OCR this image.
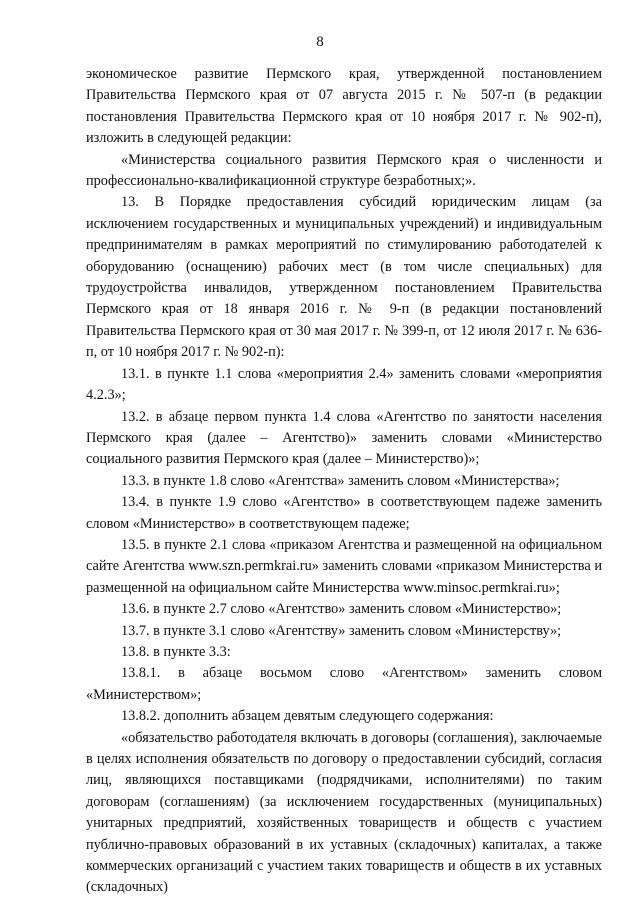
8

экономическое развитие Пермского края, утвержденной постановлением Правительства Пермского края от 07 августа 2015 г. № 507-п (в редакции постановления Правительства Пермского края от 10 ноября 2017 г. № 902-п), изложить в следующей редакции:

«Министерства социального развития Пермского края о численности и профессионально-квалификационной структуре безработных;».

13. В Порядке предоставления субсидий юридическим лицам (за исключением государственных и муниципальных учреждений) и индивидуальным предпринимателям в рамках мероприятий по стимулированию работодателей к оборудованию (оснащению) рабочих мест (в том числе специальных) для трудоустройства инвалидов, утвержденном постановлением Правительства Пермского края от 18 января 2016 г. № 9-п (в редакции постановлений Правительства Пермского края от 30 мая 2017 г. № 399-п, от 12 июля 2017 г. № 636-п, от 10 ноября 2017 г. № 902-п):

13.1. в пункте 1.1 слова «мероприятия 2.4» заменить словами «мероприятия 4.2.3»;

13.2. в абзаце первом пункта 1.4 слова «Агентство по занятости населения Пермского края (далее – Агентство)» заменить словами «Министерство социального развития Пермского края (далее – Министерство)»;

13.3. в пункте 1.8 слово «Агентства» заменить словом «Министерства»;

13.4. в пункте 1.9 слово «Агентство» в соответствующем падеже заменить словом «Министерство» в соответствующем падеже;

13.5. в пункте 2.1 слова «приказом Агентства и размещенной на официальном сайте Агентства www.szn.permkrai.ru» заменить словами «приказом Министерства и размещенной на официальном сайте Министерства www.minsoc.permkrai.ru»;

13.6. в пункте 2.7 слово «Агентство» заменить словом «Министерство»;

13.7. в пункте 3.1 слово «Агентству» заменить словом «Министерству»;

13.8. в пункте 3.3:

13.8.1. в абзаце восьмом слово «Агентством» заменить словом «Министерством»;

13.8.2. дополнить абзацем девятым следующего содержания:

«обязательство работодателя включать в договоры (соглашения), заключаемые в целях исполнения обязательств по договору о предоставлении субсидий, согласия лиц, являющихся поставщиками (подрядчиками, исполнителями) по таким договорам (соглашениям) (за исключением государственных (муниципальных) унитарных предприятий, хозяйственных товариществ и обществ с участием публично-правовых образований в их уставных (складочных) капиталах, а также коммерческих организаций с участием таких товариществ и обществ в их уставных (складочных)
